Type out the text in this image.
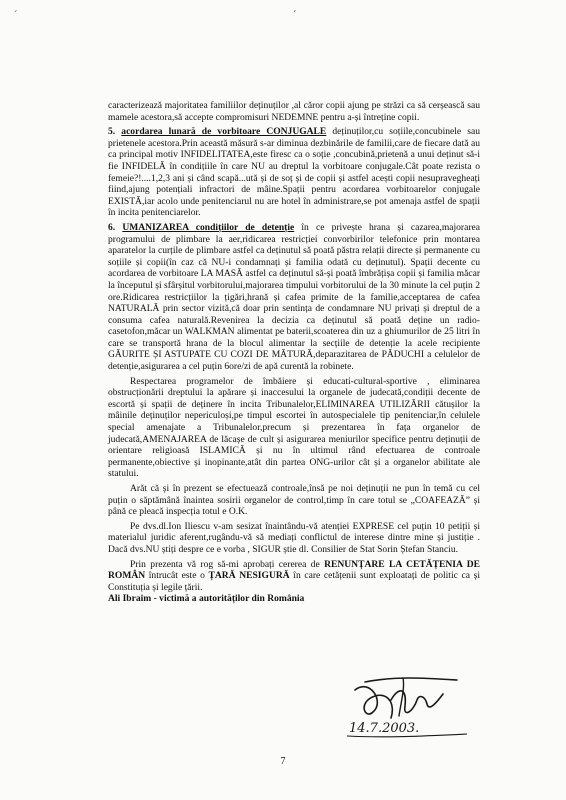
´	´

caracterizează majoritatea familiilor deținuților ,al căror copii ajung pe străzi ca să cerșească sau mamele acestora,să accepte compromisuri NEDEMNE pentru a-și întreține copii.

5. acordarea lunară de vorbitoare CONJUGALE deținuților,cu soțiile,concubinele sau prietenele acestora.Prin această măsură s-ar diminua dezbinările de familii,care de fiecare dată au ca principal motiv INFIDELITATEA,este firesc ca o soție ,concubină,prietenă a unui deținut să-i fie INFIDELĂ în condițiile în care NU au dreptul la vorbitoare conjugale.Cât poate rezista o femeie?!....1,2,3 ani și când scapă...ută și de soț și de copii și astfel acești copii nesupravegheați fiind,ajung potențiali infractori de mâine.Spații pentru acordarea vorbitoarelor conjugale EXISTĂ,iar acolo unde penitenciarul nu are hotel în administrare,se pot amenaja astfel de spații în incita penitenciarelor.

6. UMANIZAREA condițiilor de detenție în ce privește hrana și cazarea,majorarea programului de plimbare la aer,ridicarea restricției convorbirilor telefonice prin montarea aparatelor la curțile de plimbare astfel ca deținutul să poată păstra relații directe și permanente cu soțiile și copii(în caz că NU-i condamnați și familia odată cu deținutul). Spații decente cu acordarea de vorbitoare LA MASĂ astfel ca deținutul să-și poată îmbrățișa copii și familia măcar la începutul și sfârșitul vorbitorului,majorarea timpului vorbitorului de la 30 minute la cel puțin 2 ore.Ridicarea restricțiilor la țigări,hrană și cafea primite de la familie,acceptarea de cafea NATURALĂ prin sector vizită,că doar prin sentința de condamnare NU privați și dreptul de a consuma cafea naturală.Revenirea la decizia ca deținutul să poată deține un radio-casetofon,măcar un WALKMAN alimentat pe baterii,scoaterea din uz a ghiumurilor de 25 litri în care se transportă hrana de la blocul alimentar la secțiile de detenție la acele recipiente GĂURITE ȘI ASTUPATE CU COZI DE MĂTURĂ,deparazitarea de PĂDUCHI a celulelor de detenție,asigurarea a cel puțin 6ore/zi de apă curentă la robinete.

Respectarea programelor de îmbăiere și educati-cultural-sportive , eliminarea obstrucționării dreptului la apărare și inaccesului la organele de judecată,condiții decente de escortă și spații de deținere în incita Tribunalelor,ELIMINAREA UTILIZĂRII cătușilor la mâinile deținuților nepericuloși,pe timpul escortei în autospecialele tip penitenciar,în celulele special amenajate a Tribunalelor,precum și prezentarea în fața organelor de judecată,AMENAJAREA de lăcașe de cult și asigurarea meniurilor specifice pentru deținuții de orientare religioasă ISLAMICĂ și nu în ultimul rând efectuarea de controale permanente,obiective și inopinante,atât din partea ONG-urilor cât și a organelor abilitate ale statului.

Arăt că și în prezent se efectuează controale,însă pe noi deținuții ne pun în temă cu cel puțin o săptămână înaintea sosirii organelor de control,timp în care totul se „COAFEAZĂ” și până ce pleacă inspecția totul e O.K.

Pe dvs.dl.Ion Iliescu v-am sesizat înaintându-vă atenției EXPRESE cel puțin 10 petiții și materialul juridic aferent,rugându-vă să mediați conflictul de interese dintre mine și justiție . Dacă dvs.NU știți despre ce e vorba , SIGUR știe dl. Consilier de Stat Sorin Ștefan Stanciu.

Prin prezenta vă rog să-mi aprobați cererea de RENUNȚARE LA CETĂȚENIA DE ROMÂN întrucât este o ȚARĂ NESIGURĂ în care cetățenii sunt exploatați de politic ca și Constituția și legile țării.

Ali Ibraim - victimă a autorităților din România

14.7.2003.
7
